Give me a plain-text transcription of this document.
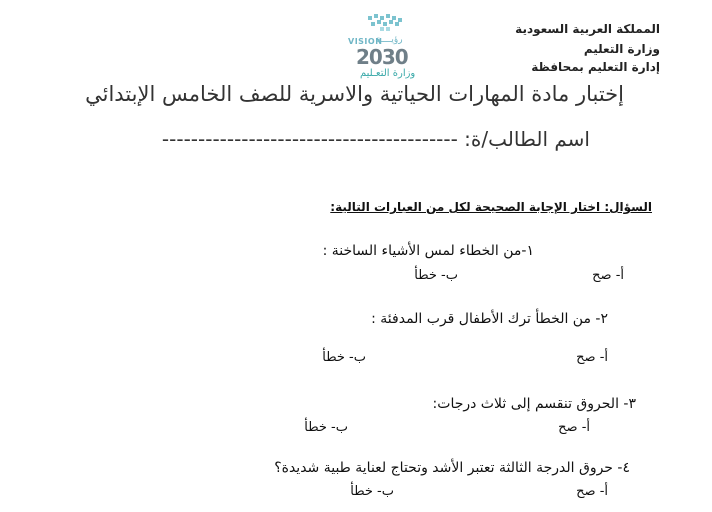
المملكة العربية السعودية
وزارة التعليم
إدارة التعليم بمحافظة
VISION
رؤيــــة
2030
وزارة التعـليم
إختبار مادة المهارات الحياتية والاسرية للصف الخامس الإبتدائي
اسم الطالب/ة: -----------------------------------------
السؤال: اختار الإجابة الصحيحة لكل من العبارات التالية:
١-من الخطاء لمس الأشياء الساخنة :
أ- صح
ب- خطأ
٢- من الخطأ ترك الأطفال قرب المدفئة :
أ- صح
ب- خطأ
٣- الحروق تنقسم إلى ثلاث درجات:
أ- صح
ب- خطأ
٤- حروق الدرجة الثالثة تعتبر الأشد وتحتاج لعناية طبية شديدة؟
أ- صح
ب- خطأ
